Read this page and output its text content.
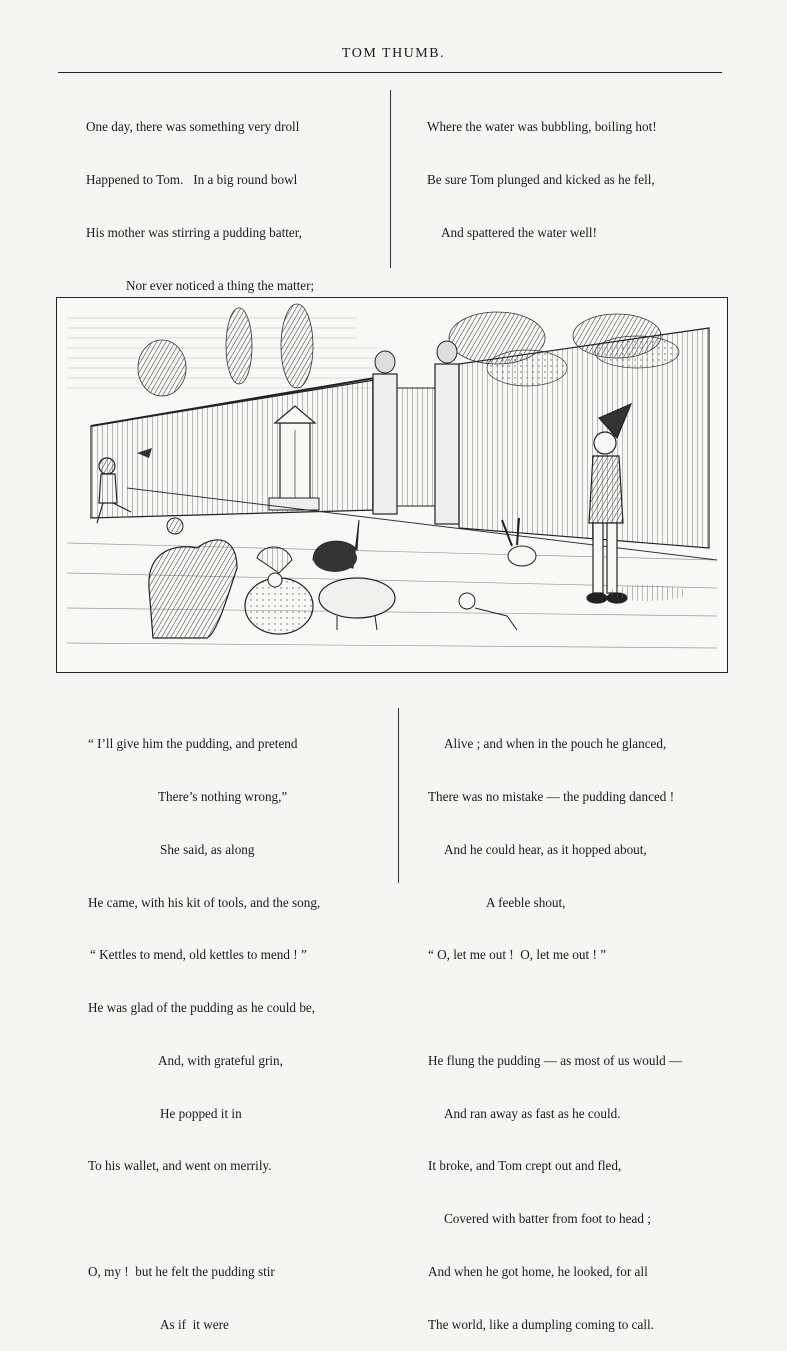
TOM THUMB.

One day, there was something very droll

Happened to Tom.   In a big round bowl

His mother was stirring a pudding batter,

Nor ever noticed a thing the matter;

Where the water was bubbling, boiling hot!

Be sure Tom plunged and kicked as he fell,

And spattered the water well!

“ I’ll give him the pudding, and pretend

There’s nothing wrong,”

She said, as along

He came, with his kit of tools, and the song,

“ Kettles to mend, old kettles to mend ! ”

He was glad of the pudding as he could be,

And, with grateful grin,

He popped it in

To his wallet, and went on merrily.

O, my !  but he felt the pudding stir

As if  it were

Alive ; and when in the pouch he glanced,

There was no mistake — the pudding danced !

And he could hear, as it hopped about,

A feeble shout,

“ O, let me out !  O, let me out ! ”

He flung the pudding — as most of us would —

And ran away as fast as he could.

It broke, and Tom crept out and fled,

Covered with batter from foot to head ;

And when he got home, he looked, for all

The world, like a dumpling coming to call.
